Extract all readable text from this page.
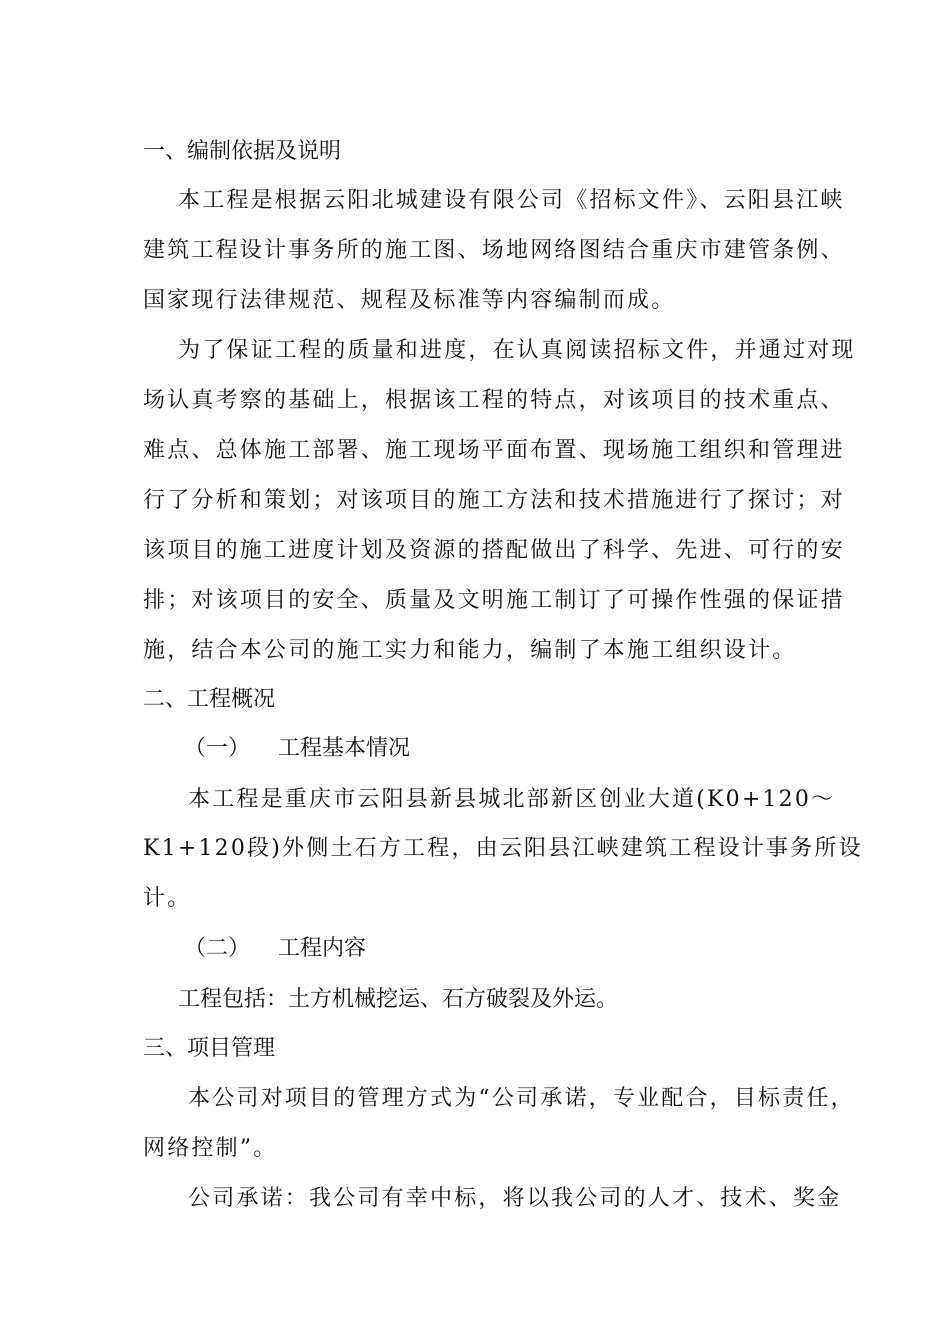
一、编制依据及说明
本工程是根据云阳北城建设有限公司《招标文件》、云阳县江峡
建筑工程设计事务所的施工图、场地网络图结合重庆市建管条例、
国家现行法律规范、规程及标准等内容编制而成。
为了保证工程的质量和进度，在认真阅读招标文件，并通过对现
场认真考察的基础上，根据该工程的特点，对该项目的技术重点、
难点、总体施工部署、施工现场平面布置、现场施工组织和管理进
行了分析和策划；对该项目的施工方法和技术措施进行了探讨；对
该项目的施工进度计划及资源的搭配做出了科学、先进、可行的安
排；对该项目的安全、质量及文明施工制订了可操作性强的保证措
施，结合本公司的施工实力和能力，编制了本施工组织设计。
二、工程概况
（一） 工程基本情况
本工程是重庆市云阳县新县城北部新区创业大道(K0+120～
K1+120段)外侧土石方工程，由云阳县江峡建筑工程设计事务所设
计。
（二） 工程内容
工程包括：土方机械挖运、石方破裂及外运。
三、项目管理
本公司对项目的管理方式为“公司承诺，专业配合，目标责任，
网络控制”。
公司承诺：我公司有幸中标，将以我公司的人才、技术、奖金
